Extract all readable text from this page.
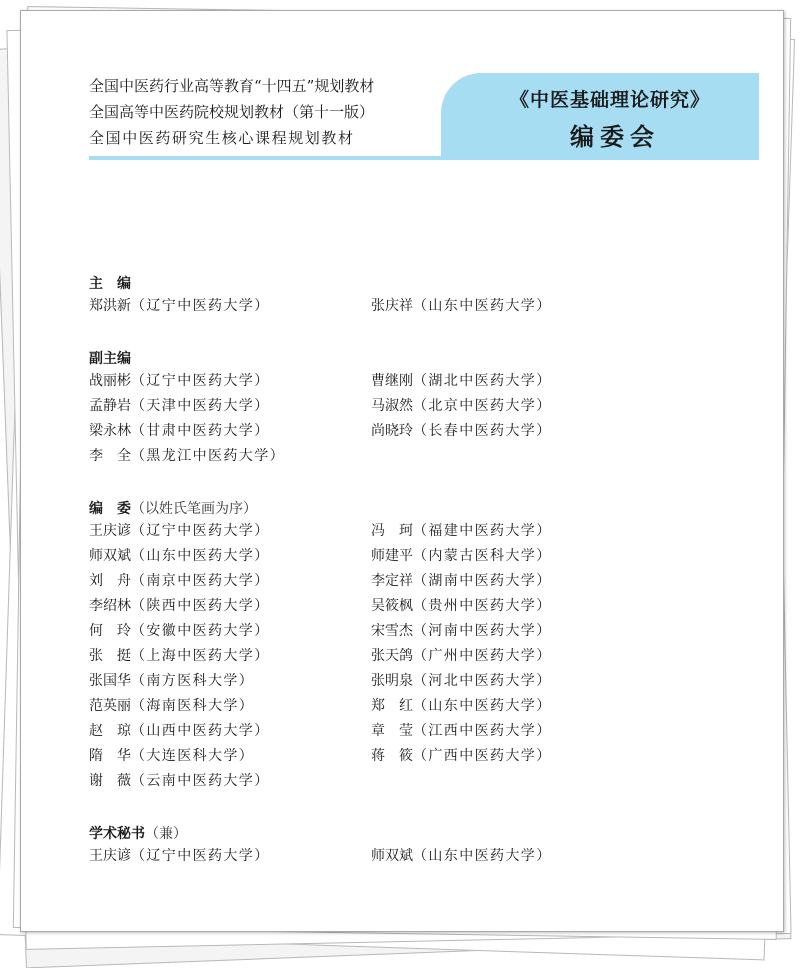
全国中医药行业高等教育“十四五”规划教材
全国高等中医药院校规划教材（第十一版）
全国中医药研究生核心课程规划教材
《中医基础理论研究》
编委会
主　编
郑洪新（辽宁中医药大学）	张庆祥（山东中医药大学）
副主编
战丽彬（辽宁中医药大学）	曹继刚（湖北中医药大学）
孟静岩（天津中医药大学）	马淑然（北京中医药大学）
梁永林（甘肃中医药大学）	尚晓玲（长春中医药大学）
李　全（黑龙江中医药大学）
编　委（以姓氏笔画为序）
王庆谚（辽宁中医药大学）	冯　珂（福建中医药大学）
师双斌（山东中医药大学）	师建平（内蒙古医科大学）
刘　舟（南京中医药大学）	李定祥（湖南中医药大学）
李绍林（陕西中医药大学）	吴筱枫（贵州中医药大学）
何　玲（安徽中医药大学）	宋雪杰（河南中医药大学）
张　挺（上海中医药大学）	张天鸽（广州中医药大学）
张国华（南方医科大学）	张明泉（河北中医药大学）
范英丽（海南医科大学）	郑　红（山东中医药大学）
赵　琼（山西中医药大学）	章　莹（江西中医药大学）
隋　华（大连医科大学）	蒋　筱（广西中医药大学）
谢　薇（云南中医药大学）
学术秘书（兼）
王庆谚（辽宁中医药大学）	师双斌（山东中医药大学）
